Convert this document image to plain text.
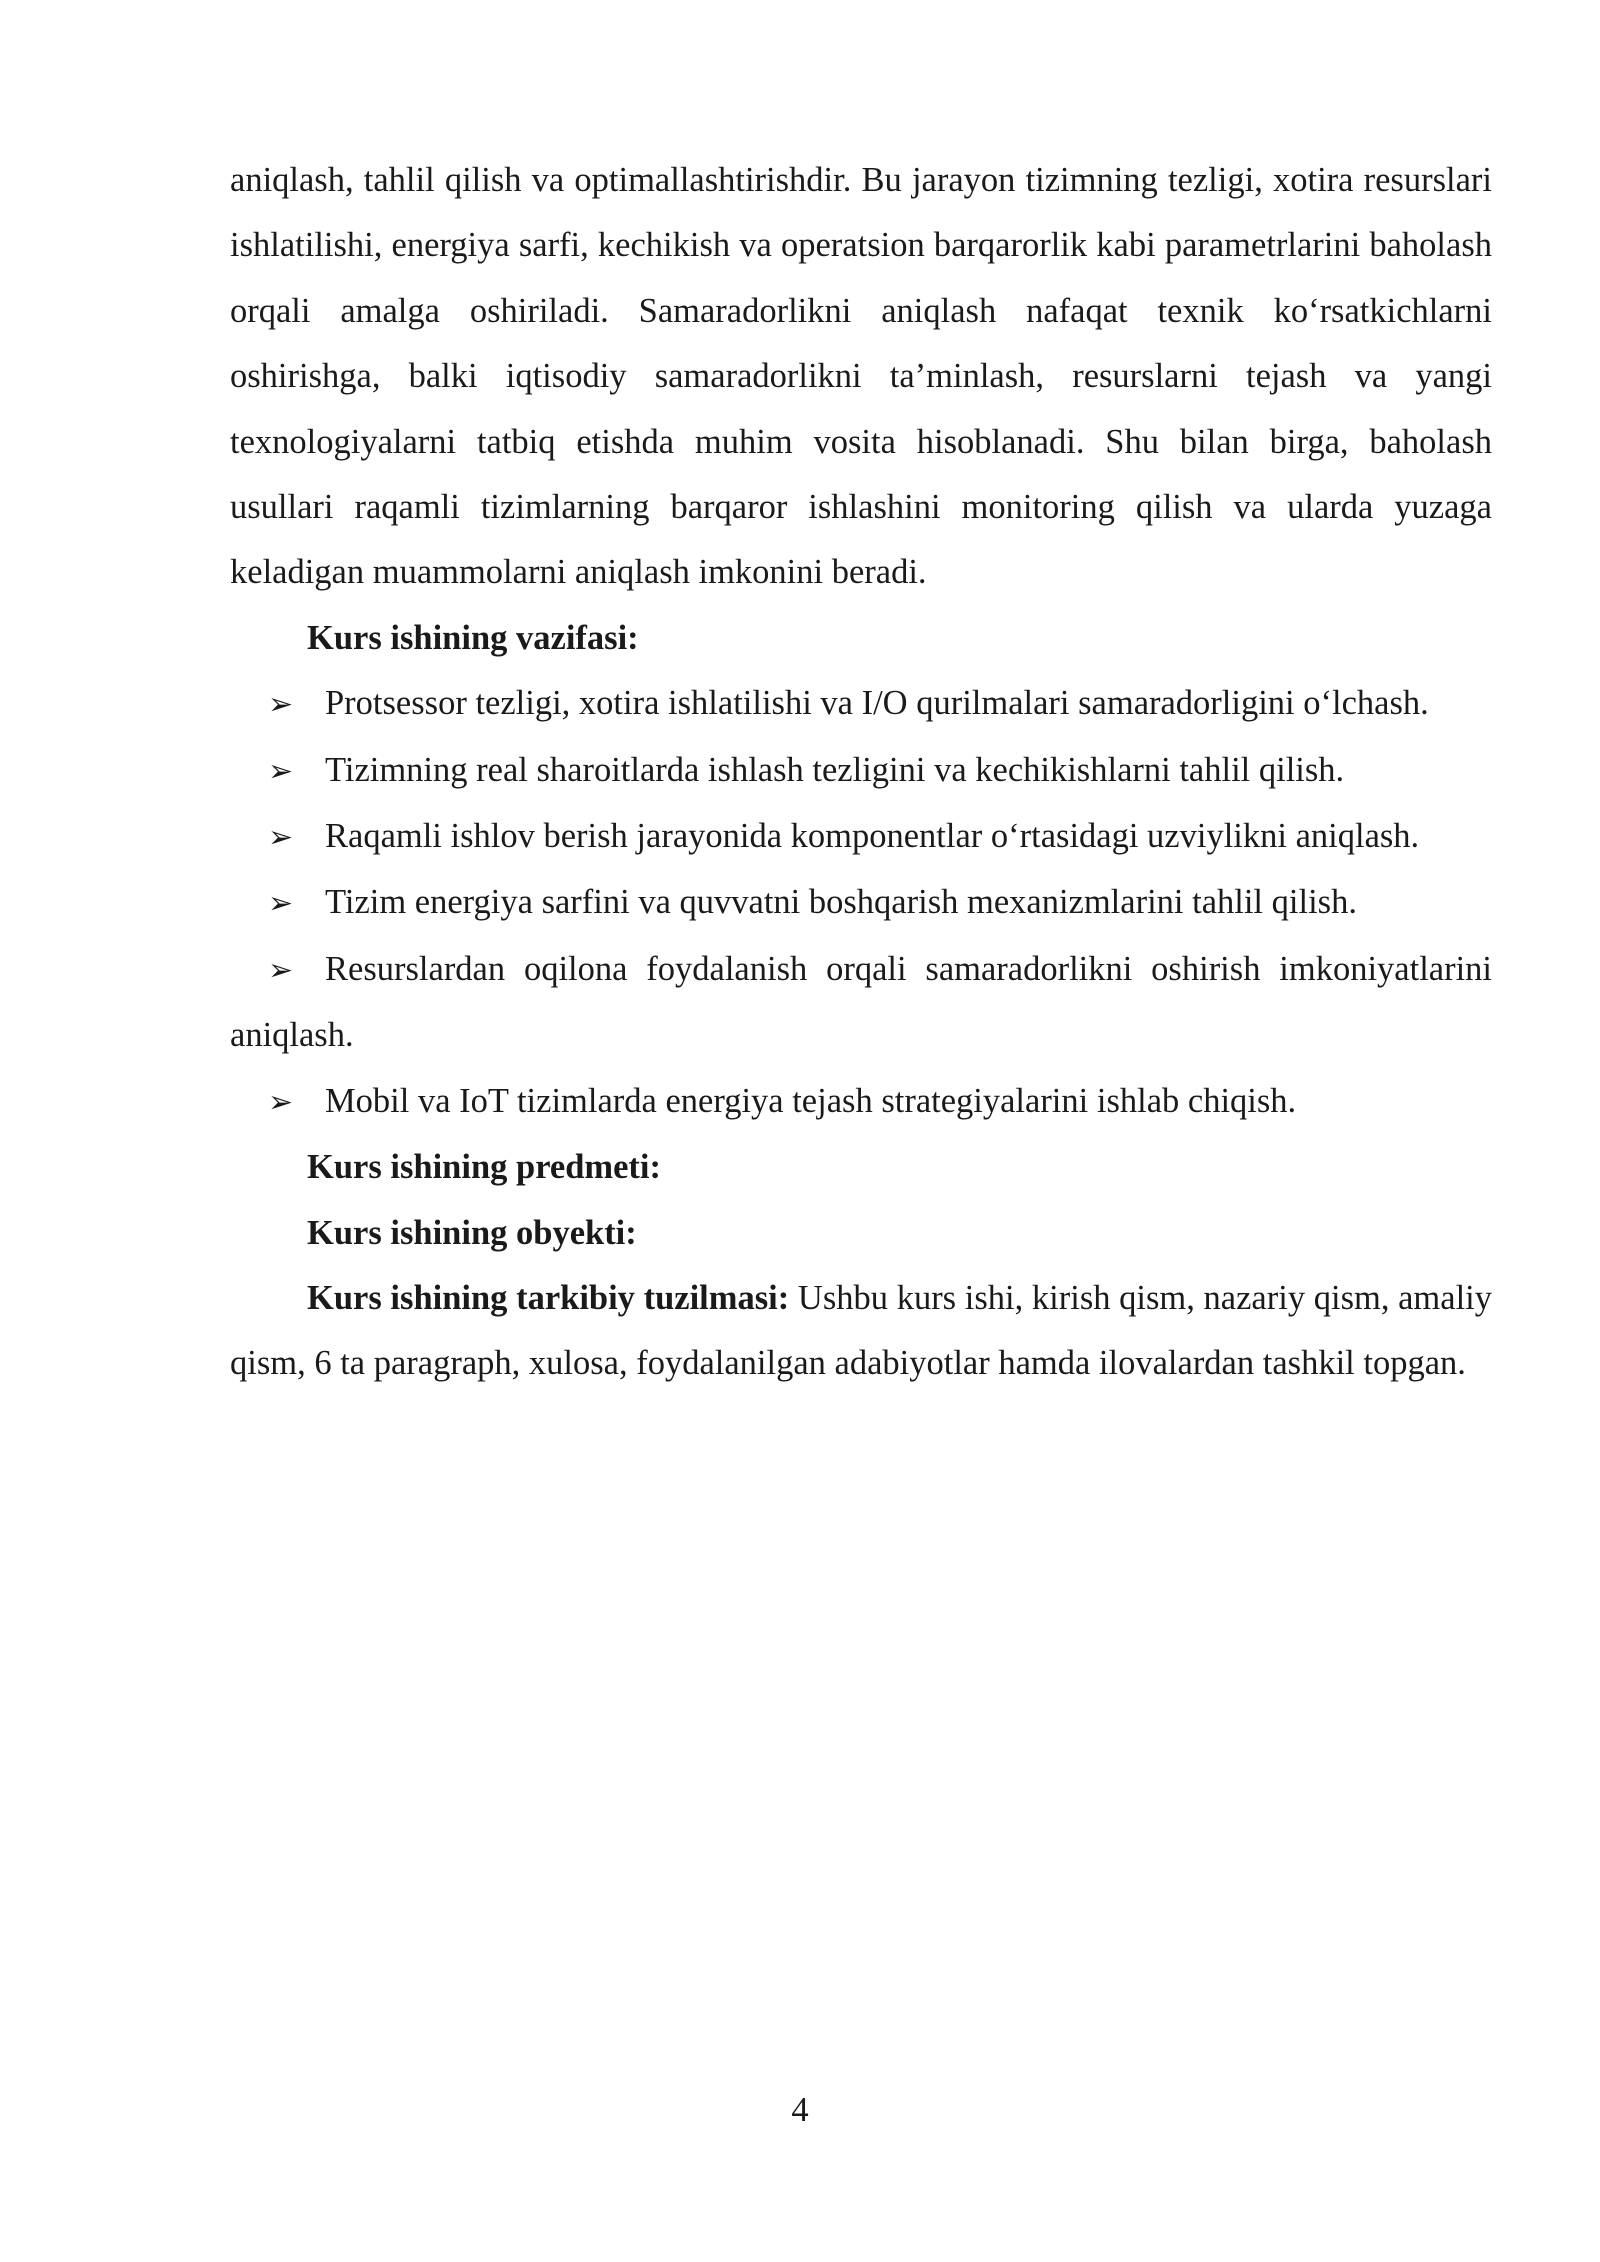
aniqlash, tahlil qilish va optimallashtirishdir. Bu jarayon tizimning tezligi, xotira resurslari ishlatilishi, energiya sarfi, kechikish va operatsion barqarorlik kabi parametrlarini baholash orqali amalga oshiriladi. Samaradorlikni aniqlash nafaqat texnik ko‘rsatkichlarni oshirishga, balki iqtisodiy samaradorlikni ta’minlash, resurslarni tejash va yangi texnologiyalarni tatbiq etishda muhim vosita hisoblanadi. Shu bilan birga, baholash usullari raqamli tizimlarning barqaror ishlashini monitoring qilish va ularda yuzaga keladigan muammolarni aniqlash imkonini beradi.

Kurs ishining vazifasi:

➢ Protsessor tezligi, xotira ishlatilishi va I/O qurilmalari samaradorligini o‘lchash.

➢ Tizimning real sharoitlarda ishlash tezligini va kechikishlarni tahlil qilish.

➢ Raqamli ishlov berish jarayonida komponentlar o‘rtasidagi uzviylikni aniqlash.

➢ Tizim energiya sarfini va quvvatni boshqarish mexanizmlarini tahlil qilish.

➢ Resurslardan oqilona foydalanish orqali samaradorlikni oshirish imkoniyatlarini aniqlash.

➢ Mobil va IoT tizimlarda energiya tejash strategiyalarini ishlab chiqish.

Kurs ishining predmeti:

Kurs ishining obyekti:

Kurs ishining tarkibiy tuzilmasi: Ushbu kurs ishi, kirish qism, nazariy qism, amaliy qism, 6 ta paragraph, xulosa, foydalanilgan adabiyotlar hamda ilovalardan tashkil topgan.

4
